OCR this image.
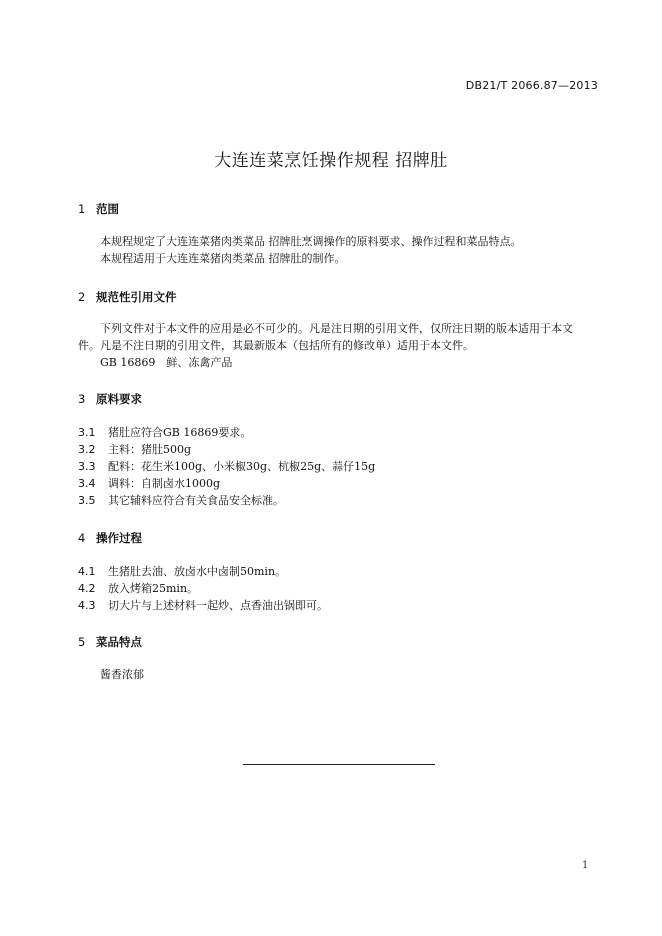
DB21/T 2066.87—2013
大连连菜烹饪操作规程 招牌肚
1 范围
本规程规定了大连连菜猪肉类菜品 招牌肚烹调操作的原料要求、操作过程和菜品特点。
本规程适用于大连连菜猪肉类菜品 招牌肚的制作。
2 规范性引用文件
下列文件对于本文件的应用是必不可少的。凡是注日期的引用文件，仅所注日期的版本适用于本文
件。凡是不注日期的引用文件，其最新版本（包括所有的修改单）适用于本文件。
GB 16869　鲜、冻禽产品
3 原料要求
3.1 猪肚应符合GB 16869要求。
3.2 主料：猪肚500g
3.3 配料：花生米100g、小米椒30g、杭椒25g、蒜仔15g
3.4 调料：自制卤水1000g
3.5 其它辅料应符合有关食品安全标准。
4 操作过程
4.1 生猪肚去油、放卤水中卤制50min。
4.2 放入烤箱25min。
4.3 切大片与上述材料一起炒、点香油出锅即可。
5 菜品特点
酱香浓郁
1
